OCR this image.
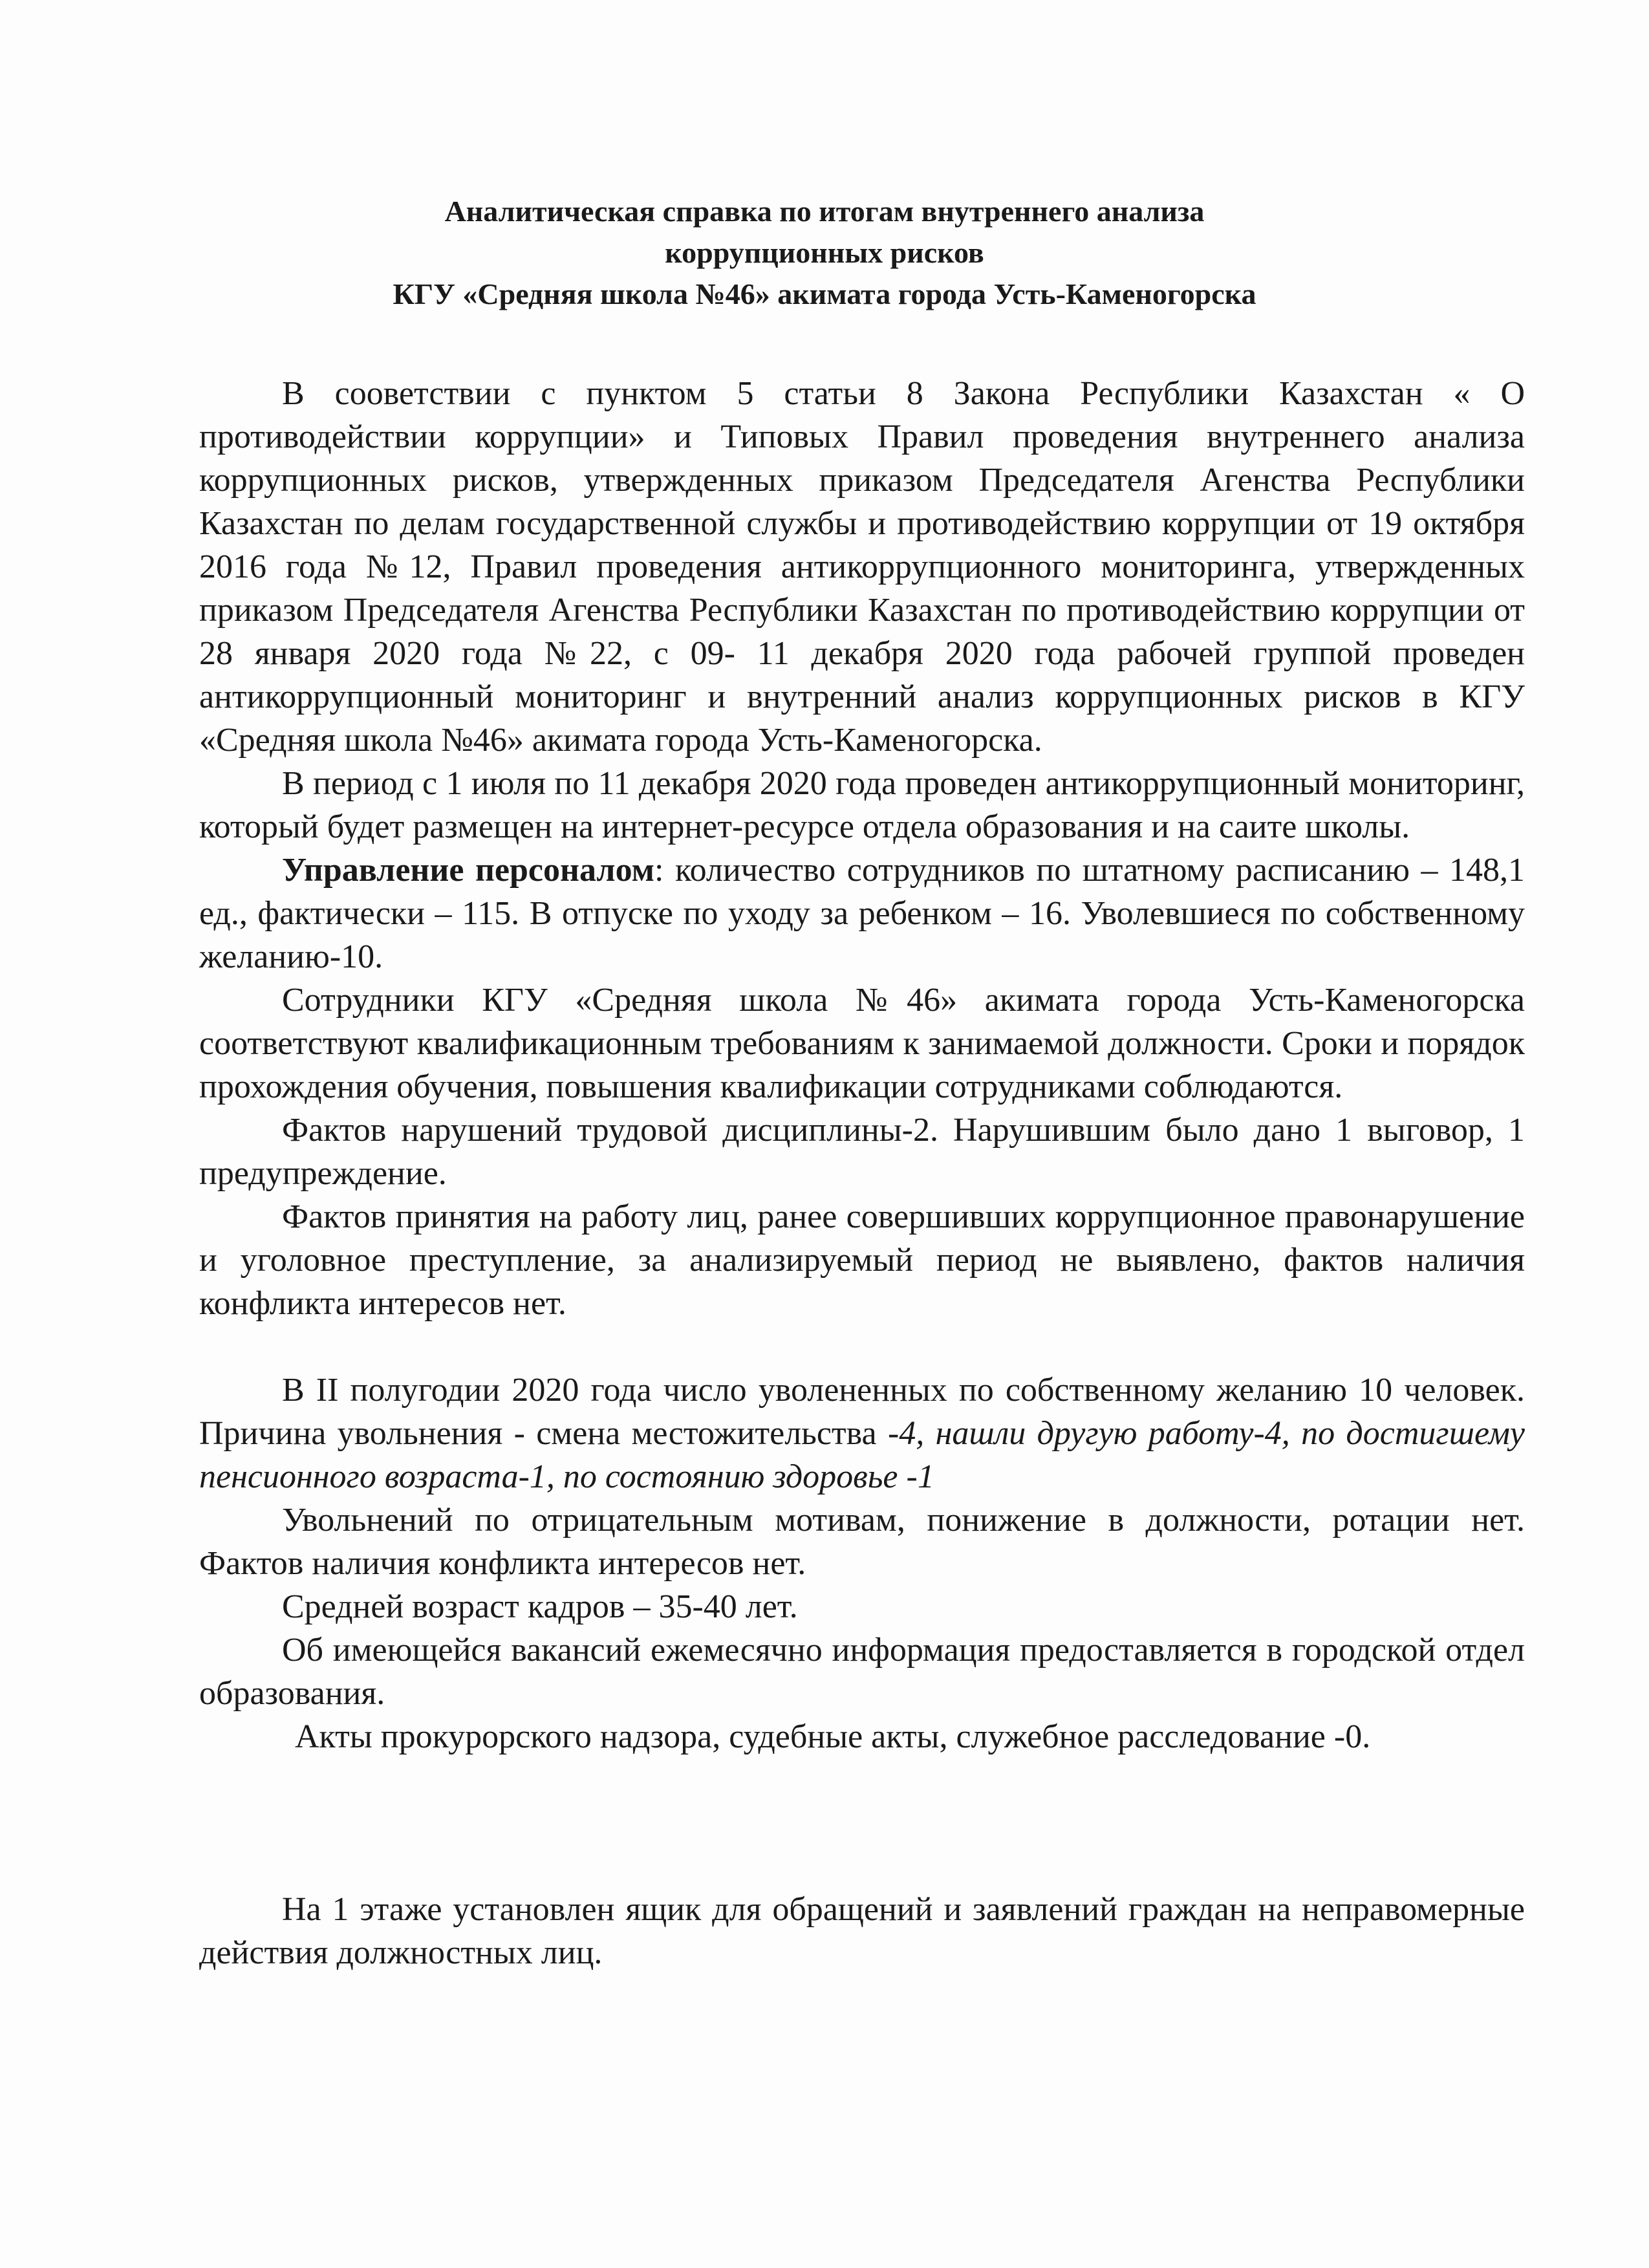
Аналитическая справка по итогам внутреннего анализа
коррупционных рисков
КГУ «Средняя школа №46» акимата города Усть-Каменогорска

В сооветствии с пунктом 5 статьи 8 Закона Республики Казахстан « О противодействии коррупции» и Типовых Правил проведения внутреннего анализа коррупционных рисков, утвержденных приказом Председателя Агенства Республики Казахстан по делам государственной службы и противодействию коррупции от 19 октября 2016 года №12, Правил проведения антикоррупционного мониторинга, утвержденных приказом Председателя Агенства Республики Казахстан по противодействию коррупции от 28 января 2020 года №22, с 09- 11 декабря 2020 года рабочей группой проведен антикоррупционный мониторинг и внутренний анализ коррупционных рисков в КГУ «Средняя школа №46» акимата города Усть-Каменогорска.

В период с 1 июля по 11 декабря 2020 года проведен антикоррупционный мониторинг, который будет размещен на интернет-ресурсе отдела образования и на саите школы.

Управление персоналом: количество сотрудников по штатному расписанию – 148,1 ед., фактически – 115. В отпуске по уходу за ребенком – 16. Уволевшиеся по собственному желанию-10.

Сотрудники КГУ «Средняя школа №46» акимата города Усть-Каменогорска соответствуют квалификационным требованиям к занимаемой должности. Сроки и порядок прохождения обучения, повышения квалификации сотрудниками соблюдаются.

Фактов нарушений трудовой дисциплины-2. Нарушившим было дано 1 выговор, 1 предупреждение.

Фактов принятия на работу лиц, ранее совершивших коррупционное правонарушение и уголовное преступление, за анализируемый период не выявлено, фактов наличия конфликта интересов нет.

В II полугодии 2020 года число уволененных по собственному желанию 10 человек. Причина увольнения - смена местожительства -4, нашли другую работу-4, по достигшему пенсионного возраста-1, по состоянию здоровье -1

Увольнений по отрицательным мотивам, понижение в должности, ротации нет. Фактов наличия конфликта интересов нет.

Средней возраст кадров – 35-40 лет.

Об имеющейся вакансий ежемесячно информация предоставляется в городской отдел образования.

Акты прокурорского надзора, судебные акты, служебное расследование -0.

На 1 этаже установлен ящик для обращений и заявлений граждан на неправомерные действия должностных лиц.
